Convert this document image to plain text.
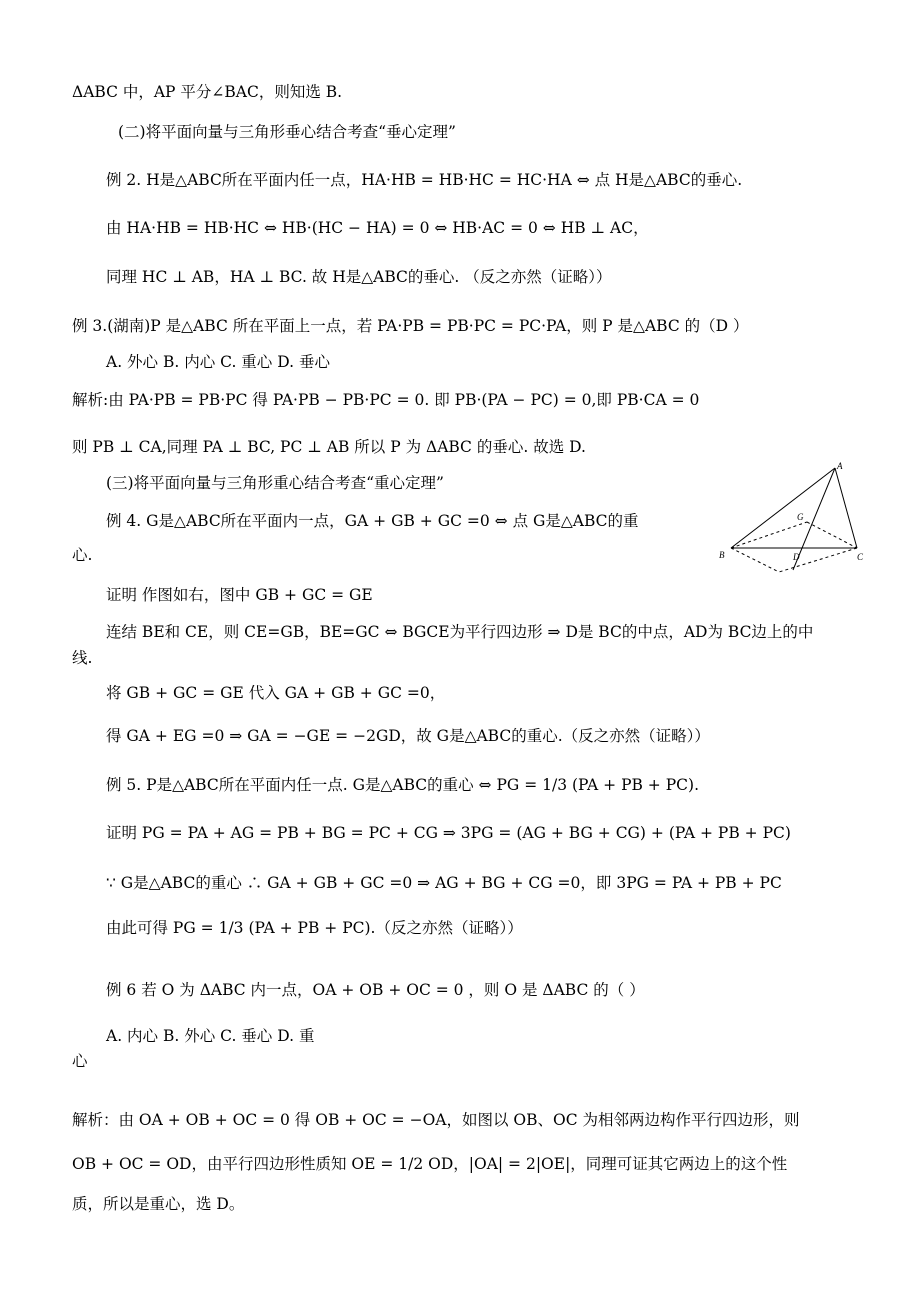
ΔABC 中，AP 平分∠BAC，则知选 B.
(二)将平面向量与三角形垂心结合考查“垂心定理”
例 2. H是△ABC所在平面内任一点，HA·HB = HB·HC = HC·HA ⇔ 点 H是△ABC的垂心.
由 HA·HB = HB·HC ⇔ HB·(HC − HA) = 0 ⇔ HB·AC = 0 ⇔ HB ⊥ AC，
同理 HC ⊥ AB，HA ⊥ BC. 故 H是△ABC的垂心. （反之亦然（证略））
例 3.(湖南)P 是△ABC 所在平面上一点，若 PA·PB = PB·PC = PC·PA，则 P 是△ABC 的（D ）
A. 外心 B. 内心 C. 重心 D. 垂心
解析:由 PA·PB = PB·PC 得 PA·PB − PB·PC = 0. 即 PB·(PA − PC) = 0,即 PB·CA = 0
则 PB ⊥ CA,同理 PA ⊥ BC, PC ⊥ AB 所以 P 为 ΔABC 的垂心. 故选 D.
(三)将平面向量与三角形重心结合考查“重心定理”
例 4. G是△ABC所在平面内一点，GA + GB + GC =0 ⇔ 点 G是△ABC的重
心.
证明 作图如右，图中 GB + GC = GE
连结 BE和 CE，则 CE=GB，BE=GC ⇔ BGCE为平行四边形 ⇒ D是 BC的中点，AD为 BC边上的中
线.
将 GB + GC = GE 代入 GA + GB + GC =0，
得 GA + EG =0 ⇒ GA = −GE = −2GD，故 G是△ABC的重心.（反之亦然（证略））
例 5. P是△ABC所在平面内任一点. G是△ABC的重心 ⇔ PG = 1/3 (PA + PB + PC).
证明 PG = PA + AG = PB + BG = PC + CG ⇒ 3PG = (AG + BG + CG) + (PA + PB + PC)
∵ G是△ABC的重心 ∴ GA + GB + GC =0 ⇒ AG + BG + CG =0，即 3PG = PA + PB + PC
由此可得 PG = 1/3 (PA + PB + PC).（反之亦然（证略））
例 6 若 O 为 ΔABC 内一点，OA + OB + OC = 0 ，则 O 是 ΔABC 的（ ）
A. 内心 B. 外心 C. 垂心 D. 重
心
解析：由 OA + OB + OC = 0 得 OB + OC = −OA，如图以 OB、OC 为相邻两边构作平行四边形，则
OB + OC = OD，由平行四边形性质知 OE = 1/2 OD，|OA| = 2|OE|，同理可证其它两边上的这个性
质，所以是重心，选 D。
A
B	C
G
D
